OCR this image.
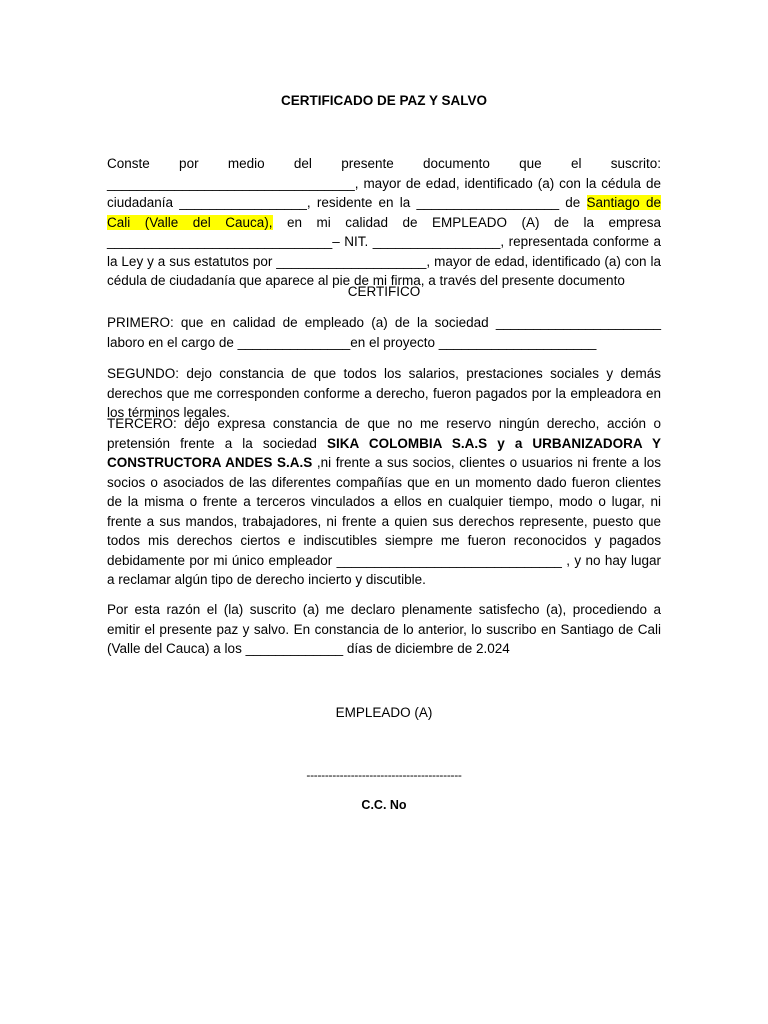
CERTIFICADO DE PAZ Y SALVO

Conste por medio del presente documento que el suscrito: _________________________________, mayor de edad, identificado (a) con la cédula de ciudadanía _________________, residente en la ___________________ de Santiago de Cali (Valle del Cauca), en mi calidad de EMPLEADO (A) de la empresa ______________________________– NIT. _________________, representada conforme a la Ley y a sus estatutos por ____________________, mayor de edad, identificado (a) con la cédula de ciudadanía que aparece al pie de mi firma, a través del presente documento

CERTIFICO

PRIMERO: que en calidad de empleado (a) de la sociedad ______________________ laboro en el cargo de _______________en el proyecto _____________________

SEGUNDO: dejo constancia de que todos los salarios, prestaciones sociales y demás derechos que me corresponden conforme a derecho, fueron pagados por la empleadora en los términos legales.

TERCERO: dejo expresa constancia de que no me reservo ningún derecho, acción o pretensión frente a la sociedad SIKA COLOMBIA S.A.S y a URBANIZADORA Y CONSTRUCTORA ANDES S.A.S ,ni frente a sus socios, clientes o usuarios ni frente a los socios o asociados de las diferentes compañías que en un momento dado fueron clientes de la misma o frente a terceros vinculados a ellos en cualquier tiempo, modo o lugar, ni frente a sus mandos, trabajadores, ni frente a quien sus derechos represente, puesto que todos mis derechos ciertos e indiscutibles siempre me fueron reconocidos y pagados debidamente por mi único empleador ______________________________ , y no hay lugar a reclamar algún tipo de derecho incierto y discutible.

Por esta razón el (la) suscrito (a) me declaro plenamente satisfecho (a), procediendo a emitir el presente paz y salvo. En constancia de lo anterior, lo suscribo en Santiago de Cali (Valle del Cauca) a los _____________ días de diciembre de 2.024

EMPLEADO (A)
------------------------------------------
C.C. No
